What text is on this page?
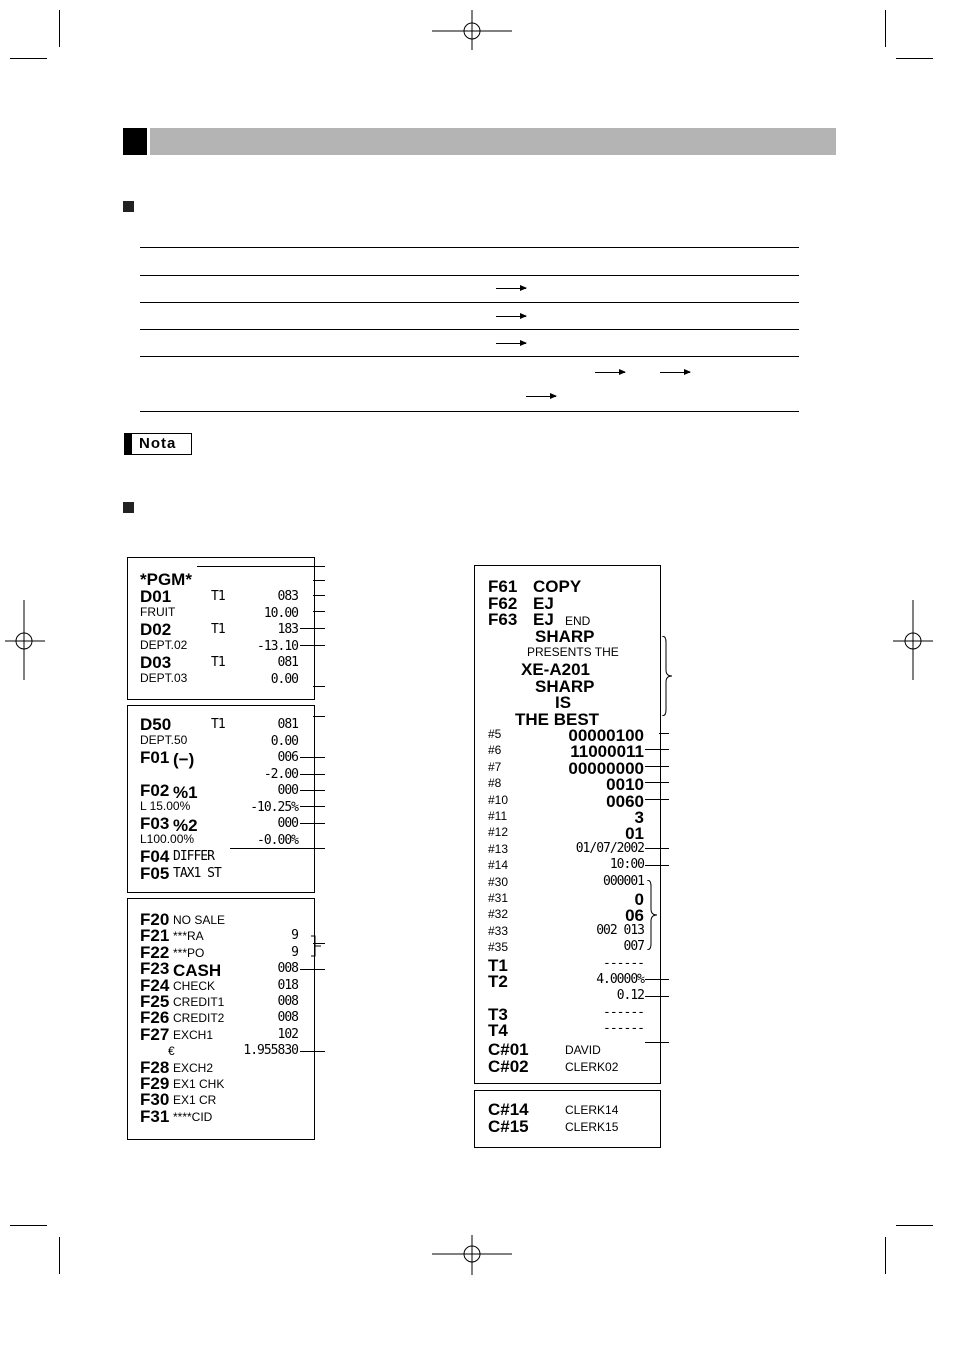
Nota
*PGM*
D01	T1	083
FRUIT	10.00
D02	T1	183
DEPT.02	-13.10
D03	T1	081
DEPT.03	0.00
D50	T1	081
DEPT.50	0.00
F01 (−)	006
-2.00
F02 %1	000
L 15.00%	-10.25%
F03 %2	000
L100.00%	-0.00%
F04 DIFFER
F05 TAX1 ST
F20 NO SALE
F21 ***RA	9
F22 ***PO	9
F23 CASH	008
F24 CHECK	018
F25 CREDIT1	008
F26 CREDIT2	008
F27 EXCH1	102
€	1.955830
F28 EXCH2
F29 EX1 CHK
F30 EX1 CR
F31 ****CID
F61 COPY
F62 EJ
F63 EJ END
SHARP
PRESENTS THE
XE-A201
SHARP
IS
THE BEST
#5	00000100
#6	11000011
#7	00000000
#8	0010
#10	0060
#11	3
#12	01
#13	01/07/2002
#14	10:00
#30	000001
#31	0
#32	06
#33	002 013
#35	007
T1	------
T2	4.0000%
0.12
T3	------
T4	------
C#01	DAVID
C#02	CLERK02
C#14	CLERK14
C#15	CLERK15
